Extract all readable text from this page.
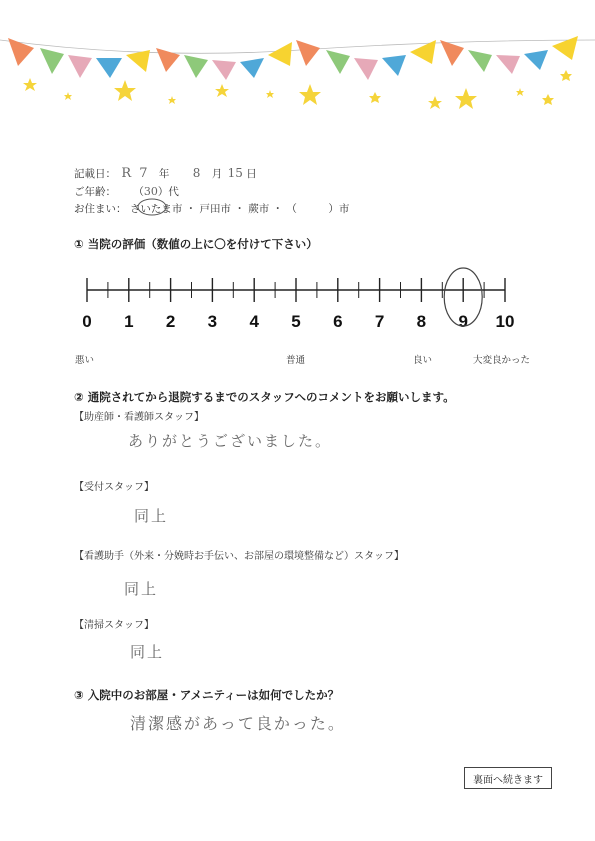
記載日： R 7 年 8 月 15 日
ご年齢： （30）代
お住まい： さいたま市 ・ 戸田市 ・ 蕨市 ・ （　　　）市
① 当院の評価（数値の上に〇を付けて下さい）
0 1 2 3 4 5 6 7 8 9 10
悪い	普通	良い	大変良かった
② 通院されてから退院するまでのスタッフへのコメントをお願いします。
【助産師・看護師スタッフ】
ありがとうございました。
【受付スタッフ】
同上
【看護助手（外来・分娩時お手伝い、お部屋の環境整備など）スタッフ】
同上
【清掃スタッフ】
同上
③ 入院中のお部屋・アメニティーは如何でしたか？
清潔感があって良かった。
裏面へ続きます
